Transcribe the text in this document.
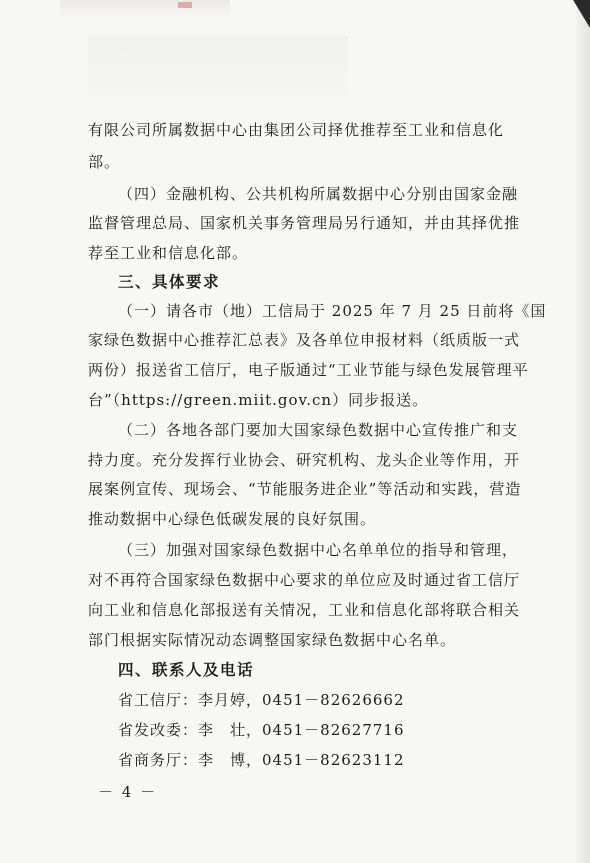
有限公司所属数据中心由集团公司择优推荐至工业和信息化
部。
（四）金融机构、公共机构所属数据中心分别由国家金融
监督管理总局、国家机关事务管理局另行通知，并由其择优推
荐至工业和信息化部。
三、具体要求
（一）请各市（地）工信局于 2025 年 7 月 25 日前将《国
家绿色数据中心推荐汇总表》及各单位申报材料（纸质版一式
两份）报送省工信厅，电子版通过“工业节能与绿色发展管理平
台”（https://green.miit.gov.cn）同步报送。
（二）各地各部门要加大国家绿色数据中心宣传推广和支
持力度。充分发挥行业协会、研究机构、龙头企业等作用，开
展案例宣传、现场会、“节能服务进企业”等活动和实践，营造
推动数据中心绿色低碳发展的良好氛围。
（三）加强对国家绿色数据中心名单单位的指导和管理，
对不再符合国家绿色数据中心要求的单位应及时通过省工信厅
向工业和信息化部报送有关情况，工业和信息化部将联合相关
部门根据实际情况动态调整国家绿色数据中心名单。
四、联系人及电话
省工信厅：李月婷，0451－82626662
省发改委：李　壮，0451－82627716
省商务厅：李　博，0451－82623112
－ 4 －
